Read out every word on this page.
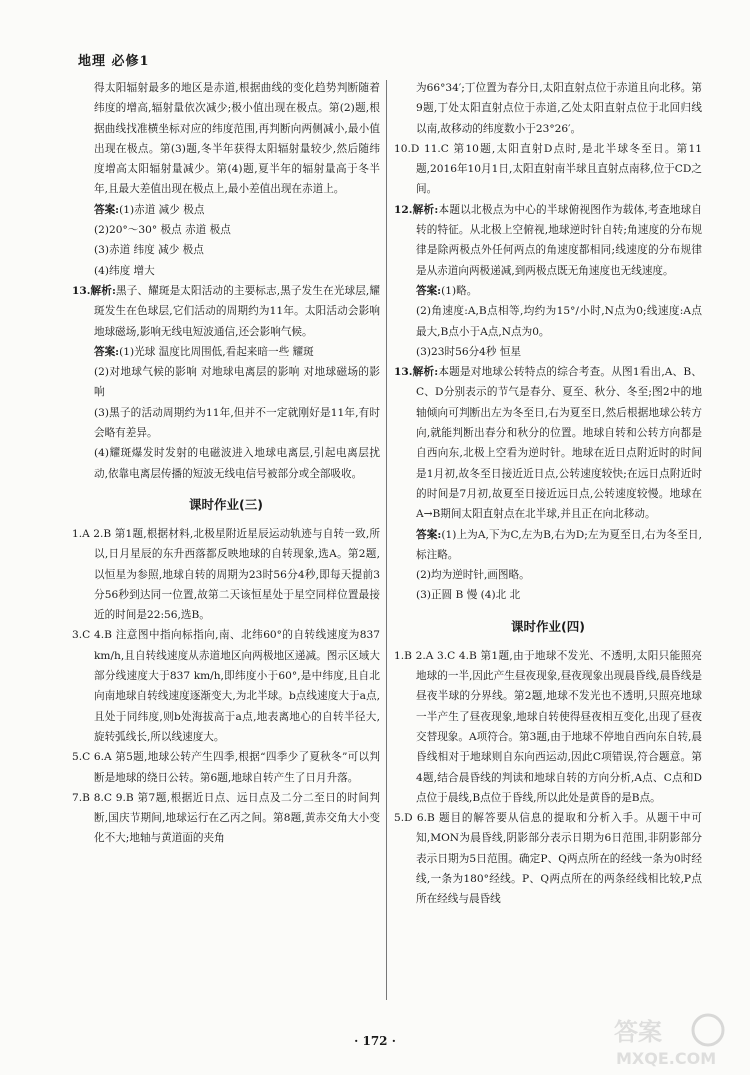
地理 必修1

得太阳辐射最多的地区是赤道,根据曲线的变化趋势判断随着纬度的增高,辐射量依次减少;极小值出现在极点。第(2)题,根据曲线找准横坐标对应的纬度范围,再判断向两侧减小,最小值出现在极点。第(3)题,冬半年获得太阳辐射量较少,然后随纬度增高太阳辐射量减少。第(4)题,夏半年的辐射量高于冬半年,且最大差值出现在极点上,最小差值出现在赤道上。

答案:(1)赤道 减少 极点

(2)20°～30° 极点 赤道 极点

(3)赤道 纬度 减少 极点

(4)纬度 增大

13.解析:黑子、耀斑是太阳活动的主要标志,黑子发生在光球层,耀斑发生在色球层,它们活动的周期约为11年。太阳活动会影响地球磁场,影响无线电短波通信,还会影响气候。

答案:(1)光球 温度比周围低,看起来暗一些 耀斑

(2)对地球气候的影响 对地球电离层的影响 对地球磁场的影响

(3)黑子的活动周期约为11年,但并不一定就刚好是11年,有时会略有差异。

(4)耀斑爆发时发射的电磁波进入地球电离层,引起电离层扰动,依靠电离层传播的短波无线电信号被部分或全部吸收。

课时作业(三)

1.A 2.B 第1题,根据材料,北极星附近星辰运动轨迹与自转一致,所以,日月星辰的东升西落都反映地球的自转现象,选A。第2题,以恒星为参照,地球自转的周期为23时56分4秒,即每天提前3分56秒到达同一位置,故第二天该恒星处于星空同样位置最接近的时间是22:56,选B。

3.C 4.B 注意图中指向标指向,南、北纬60°的自转线速度为837 km/h,且自转线速度从赤道地区向两极地区递减。图示区域大部分线速度大于837 km/h,即纬度小于60°,是中纬度,且自北向南地球自转线速度逐渐变大,为北半球。b点线速度大于a点,且处于同纬度,则b处海拔高于a点,地表离地心的自转半径大,旋转弧线长,所以线速度大。

5.C 6.A 第5题,地球公转产生四季,根据“四季少了夏秋冬”可以判断是地球的绕日公转。第6题,地球自转产生了日月升落。

7.B 8.C 9.B 第7题,根据近日点、远日点及二分二至日的时间判断,国庆节期间,地球运行在乙丙之间。第8题,黄赤交角大小变化不大;地轴与黄道面的夹角

为66°34′;丁位置为春分日,太阳直射点位于赤道且向北移。第9题,丁处太阳直射点位于赤道,乙处太阳直射点位于北回归线以南,故移动的纬度数小于23°26′。

10.D 11.C 第10题,太阳直射D点时,是北半球冬至日。第11题,2016年10月1日,太阳直射南半球且直射点南移,位于CD之间。

12.解析:本题以北极点为中心的半球俯视图作为载体,考查地球自转的特征。从北极上空俯视,地球逆时针自转;角速度的分布规律是除两极点外任何两点的角速度都相同;线速度的分布规律是从赤道向两极递减,到两极点既无角速度也无线速度。

答案:(1)略。

(2)角速度:A,B点相等,均约为15°/小时,N点为0;线速度:A点最大,B点小于A点,N点为0。

(3)23时56分4秒 恒星

13.解析:本题是对地球公转特点的综合考查。从图1看出,A、B、C、D分别表示的节气是春分、夏至、秋分、冬至;图2中的地轴倾向可判断出左为冬至日,右为夏至日,然后根据地球公转方向,就能判断出春分和秋分的位置。地球自转和公转方向都是自西向东,北极上空看为逆时针。地球在近日点附近时的时间是1月初,故冬至日接近近日点,公转速度较快;在远日点附近时的时间是7月初,故夏至日接近远日点,公转速度较慢。地球在A→B期间太阳直射点在北半球,并且正在向北移动。

答案:(1)上为A,下为C,左为B,右为D;左为夏至日,右为冬至日,标注略。

(2)均为逆时针,画图略。

(3)正圆 B 慢 (4)北 北

课时作业(四)

1.B 2.A 3.C 4.B 第1题,由于地球不发光、不透明,太阳只能照亮地球的一半,因此产生昼夜现象,昼夜现象出现晨昏线,晨昏线是昼夜半球的分界线。第2题,地球不发光也不透明,只照亮地球一半产生了昼夜现象,地球自转使得昼夜相互变化,出现了昼夜交替现象。A项符合。第3题,由于地球不停地自西向东自转,晨昏线相对于地球则自东向西运动,因此C项错误,符合题意。第4题,结合晨昏线的判读和地球自转的方向分析,A点、C点和D点位于晨线,B点位于昏线,所以此处是黄昏的是B点。

5.D 6.B 题目的解答要从信息的提取和分析入手。从题干中可知,MON为晨昏线,阴影部分表示日期为6日范围,非阴影部分表示日期为5日范围。确定P、Q两点所在的经线一条为0时经线,一条为180°经线。P、Q两点所在的两条经线相比较,P点所在经线与晨昏线

· 172 ·	答案
MXQE.COM
